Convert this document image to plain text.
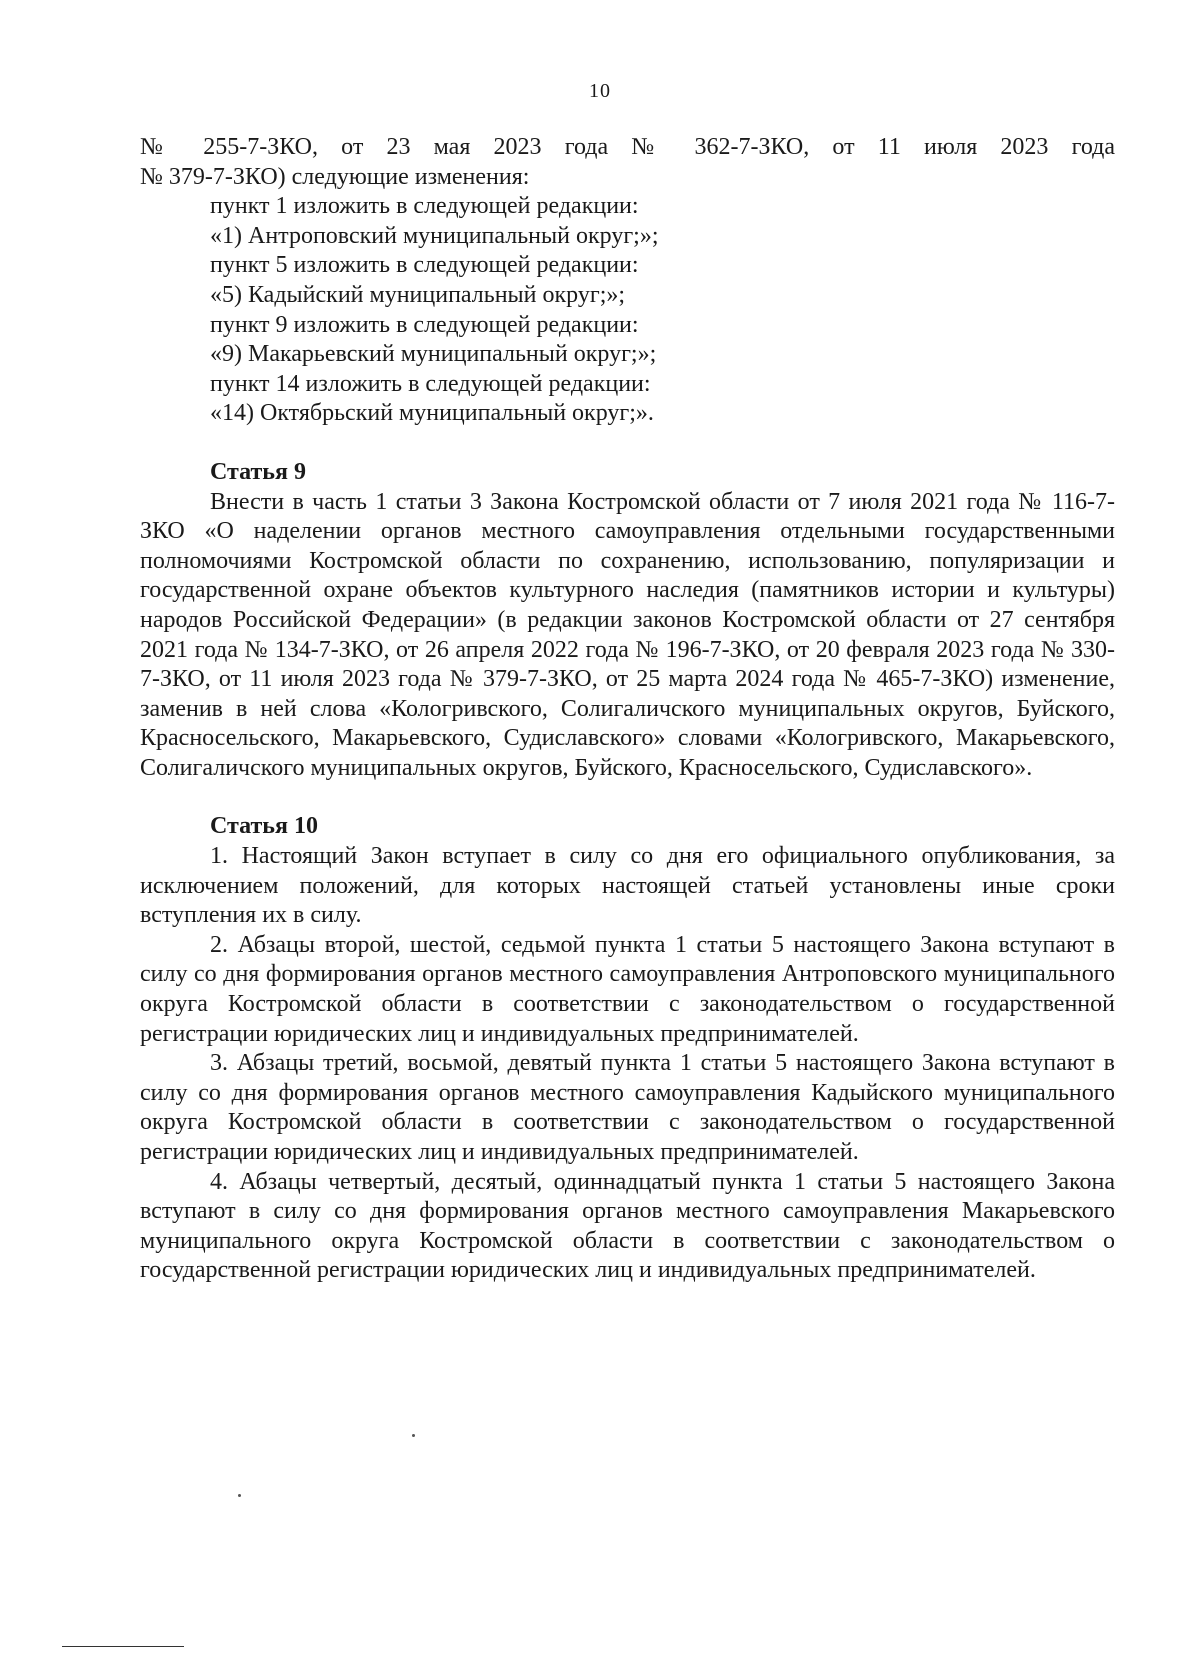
10

№ 255-7-ЗКО, от 23 мая 2023 года № 362-7-ЗКО, от 11 июля 2023 года

№ 379-7-ЗКО) следующие изменения:

пункт 1 изложить в следующей редакции:

«1) Антроповский муниципальный округ;»;

пункт 5 изложить в следующей редакции:

«5) Кадыйский муниципальный округ;»;

пункт 9 изложить в следующей редакции:

«9) Макарьевский муниципальный округ;»;

пункт 14 изложить в следующей редакции:

«14) Октябрьский муниципальный округ;».

Статья 9

Внести в часть 1 статьи 3 Закона Костромской области от 7 июля 2021 года № 116-7-ЗКО «О наделении органов местного самоуправления отдельными государственными полномочиями Костромской области по сохранению, использованию, популяризации и государственной охране объектов культурного наследия (памятников истории и культуры) народов Российской Федерации» (в редакции законов Костромской области от 27 сентября 2021 года № 134-7-ЗКО, от 26 апреля 2022 года № 196-7-ЗКО, от 20 февраля 2023 года № 330-7-ЗКО, от 11 июля 2023 года № 379-7-ЗКО, от 25 марта 2024 года № 465-7-ЗКО) изменение, заменив в ней слова «Кологривского, Солигаличского муниципальных округов, Буйского, Красносельского, Макарьевского, Судиславского» словами «Кологривского, Макарьевского, Солигаличского муниципальных округов, Буйского, Красносельского, Судиславского».

Статья 10

1. Настоящий Закон вступает в силу со дня его официального опубликования, за исключением положений, для которых настоящей статьей установлены иные сроки вступления их в силу.

2. Абзацы второй, шестой, седьмой пункта 1 статьи 5 настоящего Закона вступают в силу со дня формирования органов местного самоуправления Антроповского муниципального округа Костромской области в соответствии с законодательством о государственной регистрации юридических лиц и индивидуальных предпринимателей.

3. Абзацы третий, восьмой, девятый пункта 1 статьи 5 настоящего Закона вступают в силу со дня формирования органов местного самоуправления Кадыйского муниципального округа Костромской области в соответствии с законодательством о государственной регистрации юридических лиц и индивидуальных предпринимателей.

4. Абзацы четвертый, десятый, одиннадцатый пункта 1 статьи 5 настоящего Закона вступают в силу со дня формирования органов местного самоуправления Макарьевского муниципального округа Костромской области в соответствии с законодательством о государственной регистрации юридических лиц и индивидуальных предпринимателей.
